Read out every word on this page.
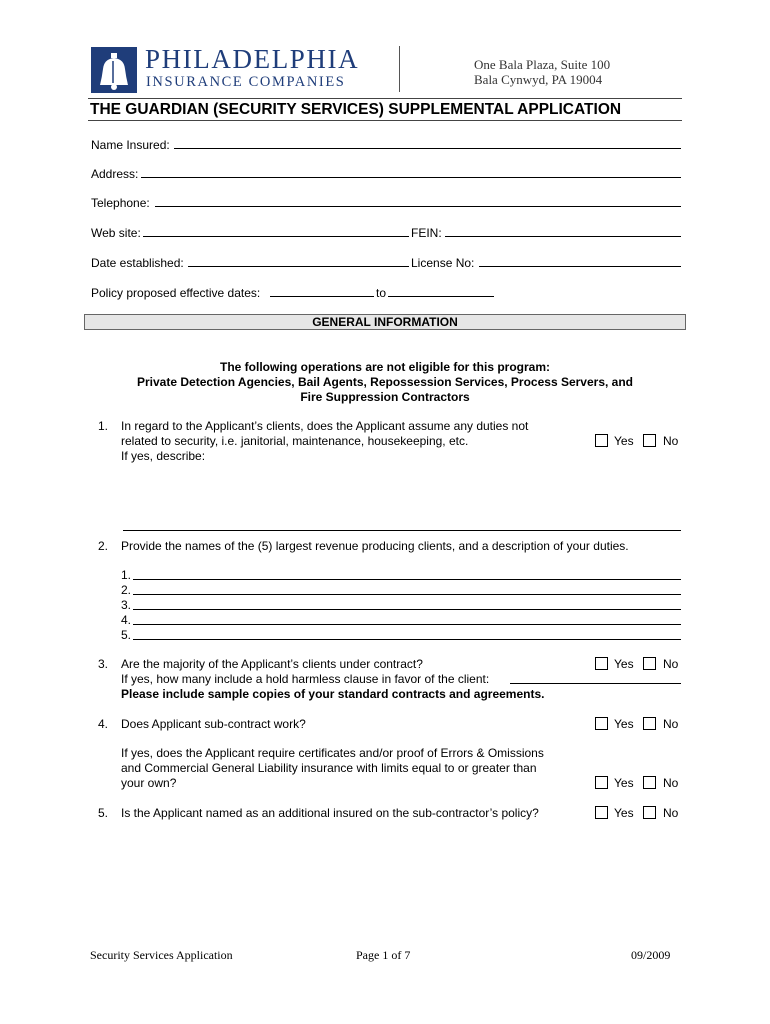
PHILADELPHIA
INSURANCE COMPANIES
One Bala Plaza, Suite 100
Bala Cynwyd, PA 19004
THE GUARDIAN (SECURITY SERVICES) SUPPLEMENTAL APPLICATION
Name Insured:
Address:
Telephone:
Web site:	FEIN:
Date established:	License No:
Policy proposed effective dates:	to
GENERAL INFORMATION
The following operations are not eligible for this program:
Private Detection Agencies, Bail Agents, Repossession Services, Process Servers, and
Fire Suppression Contractors
1. In regard to the Applicant’s clients, does the Applicant assume any duties not
related to security, i.e. janitorial, maintenance, housekeeping, etc.
If yes, describe:
Yes No
2. Provide the names of the (5) largest revenue producing clients, and a description of your duties.
1.
2.
3.
4.
5.
3. Are the majority of the Applicant’s clients under contract?
If yes, how many include a hold harmless clause in favor of the client:
Please include sample copies of your standard contracts and agreements.
Yes No
4. Does Applicant sub-contract work?	Yes No
If yes, does the Applicant require certificates and/or proof of Errors & Omissions
and Commercial General Liability insurance with limits equal to or greater than
your own?	Yes No
5. Is the Applicant named as an additional insured on the sub-contractor’s policy?	Yes No
Security Services Application	Page 1 of 7	09/2009
